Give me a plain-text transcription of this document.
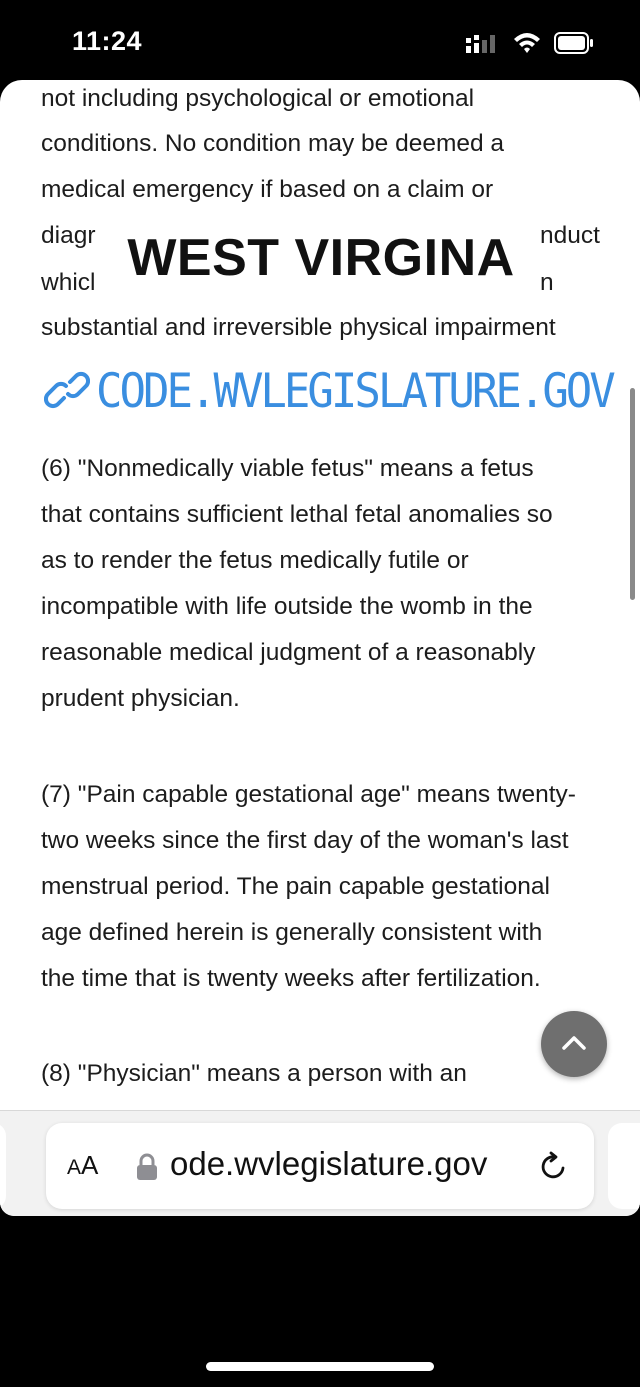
11:24
not including psychological or emotional
conditions. No condition may be deemed a
medical emergency if based on a claim or
diagr	nduct
whicl	n
substantial and irreversible physical impairment
WEST VIRGINA
CODE.WVLEGISLATURE.GOV
(6) "Nonmedically viable fetus" means a fetus
that contains sufficient lethal fetal anomalies so
as to render the fetus medically futile or
incompatible with life outside the womb in the
reasonable medical judgment of a reasonably
prudent physician.
(7) "Pain capable gestational age" means twenty-
two weeks since the first day of the woman's last
menstrual period. The pain capable gestational
age defined herein is generally consistent with
the time that is twenty weeks after fertilization.
(8) "Physician" means a person with an
AA ode.wvlegislature.gov
